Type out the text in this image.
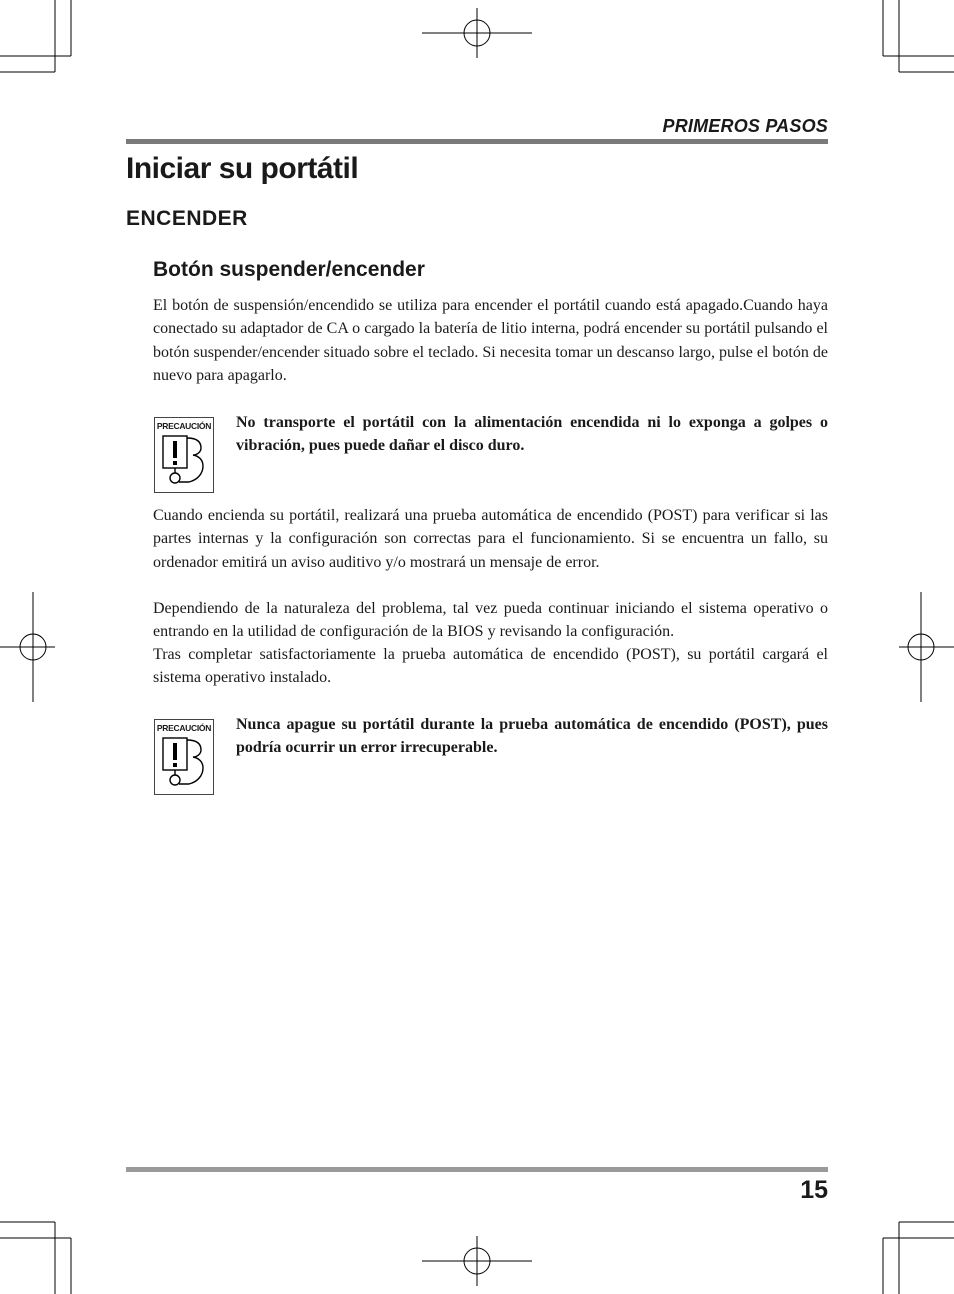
PRIMEROS PASOS
Iniciar su portátil
ENCENDER
Botón suspender/encender

El botón de suspensión/encendido se utiliza para encender el portátil cuando está apagado.Cuando haya conectado su adaptador de CA o cargado la batería de litio interna, podrá encender su portátil pulsando el botón suspender/encender situado sobre el teclado. Si necesita tomar un descanso largo, pulse el botón de nuevo para apagarlo.

PRECAUCIÓN No transporte el portátil con la alimentación encendida ni lo exponga a golpes o vibración, pues puede dañar el disco duro.

Cuando encienda su portátil, realizará una prueba automática de encendido (POST) para verificar si las partes internas y la configuración son correctas para el funcionamiento. Si se encuentra un fallo, su ordenador emitirá un aviso auditivo y/o mostrará un mensaje de error.

Dependiendo de la naturaleza del problema, tal vez pueda continuar iniciando el sistema operativo o entrando en la utilidad de configuración de la BIOS y revisando la configuración.

Tras completar satisfactoriamente la prueba automática de encendido (POST), su portátil cargará el sistema operativo instalado.

PRECAUCIÓN Nunca apague su portátil durante la prueba automática de encendido (POST), pues podría ocurrir un error irrecuperable.

15
